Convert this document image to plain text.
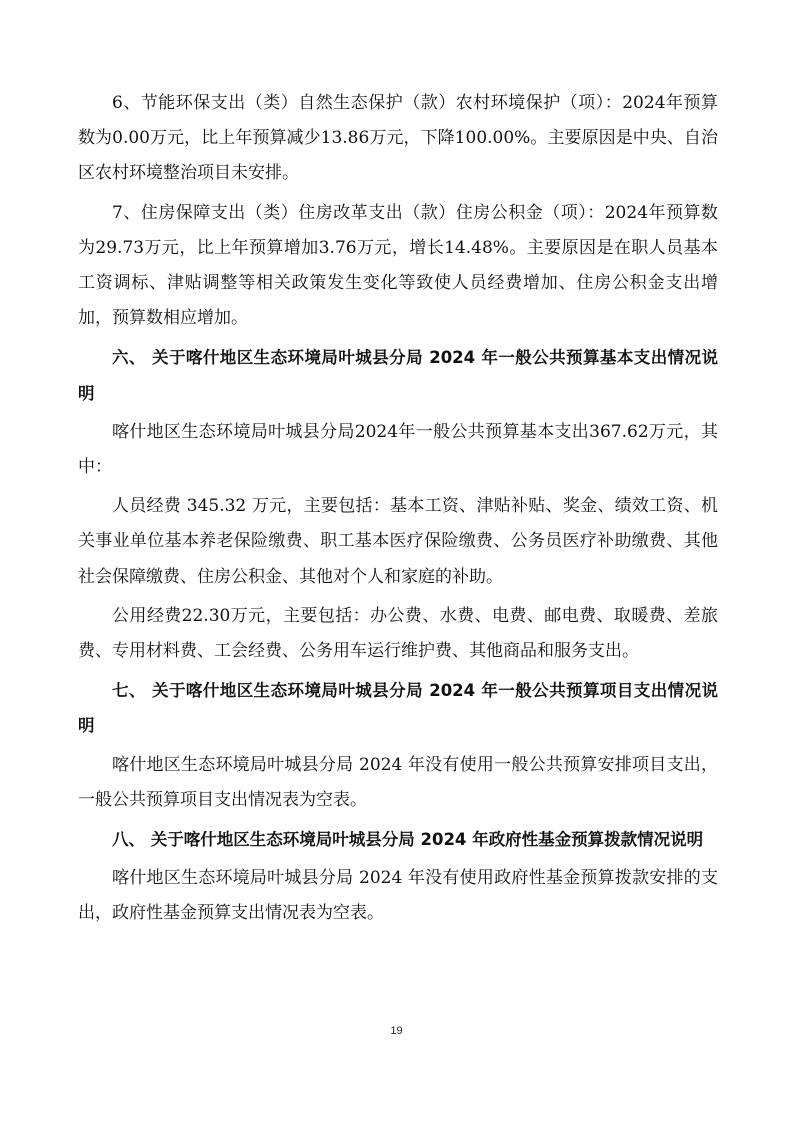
6、节能环保支出（类）自然生态保护（款）农村环境保护（项）：2024年预算数为0.00万元，比上年预算减少13.86万元，下降100.00%。主要原因是中央、自治区农村环境整治项目未安排。

7、住房保障支出（类）住房改革支出（款）住房公积金（项）：2024年预算数为29.73万元，比上年预算增加3.76万元，增长14.48%。主要原因是在职人员基本工资调标、津贴调整等相关政策发生变化等致使人员经费增加、住房公积金支出增加，预算数相应增加。

六、 关于喀什地区生态环境局叶城县分局 2024 年一般公共预算基本支出情况说明

喀什地区生态环境局叶城县分局2024年一般公共预算基本支出367.62万元，其中：

人员经费 345.32 万元，主要包括：基本工资、津贴补贴、奖金、绩效工资、机关事业单位基本养老保险缴费、职工基本医疗保险缴费、公务员医疗补助缴费、其他社会保障缴费、住房公积金、其他对个人和家庭的补助。

公用经费22.30万元，主要包括：办公费、水费、电费、邮电费、取暖费、差旅费、专用材料费、工会经费、公务用车运行维护费、其他商品和服务支出。

七、 关于喀什地区生态环境局叶城县分局 2024 年一般公共预算项目支出情况说明

喀什地区生态环境局叶城县分局 2024 年没有使用一般公共预算安排项目支出，一般公共预算项目支出情况表为空表。

八、 关于喀什地区生态环境局叶城县分局 2024 年政府性基金预算拨款情况说明

喀什地区生态环境局叶城县分局 2024 年没有使用政府性基金预算拨款安排的支出，政府性基金预算支出情况表为空表。

19
